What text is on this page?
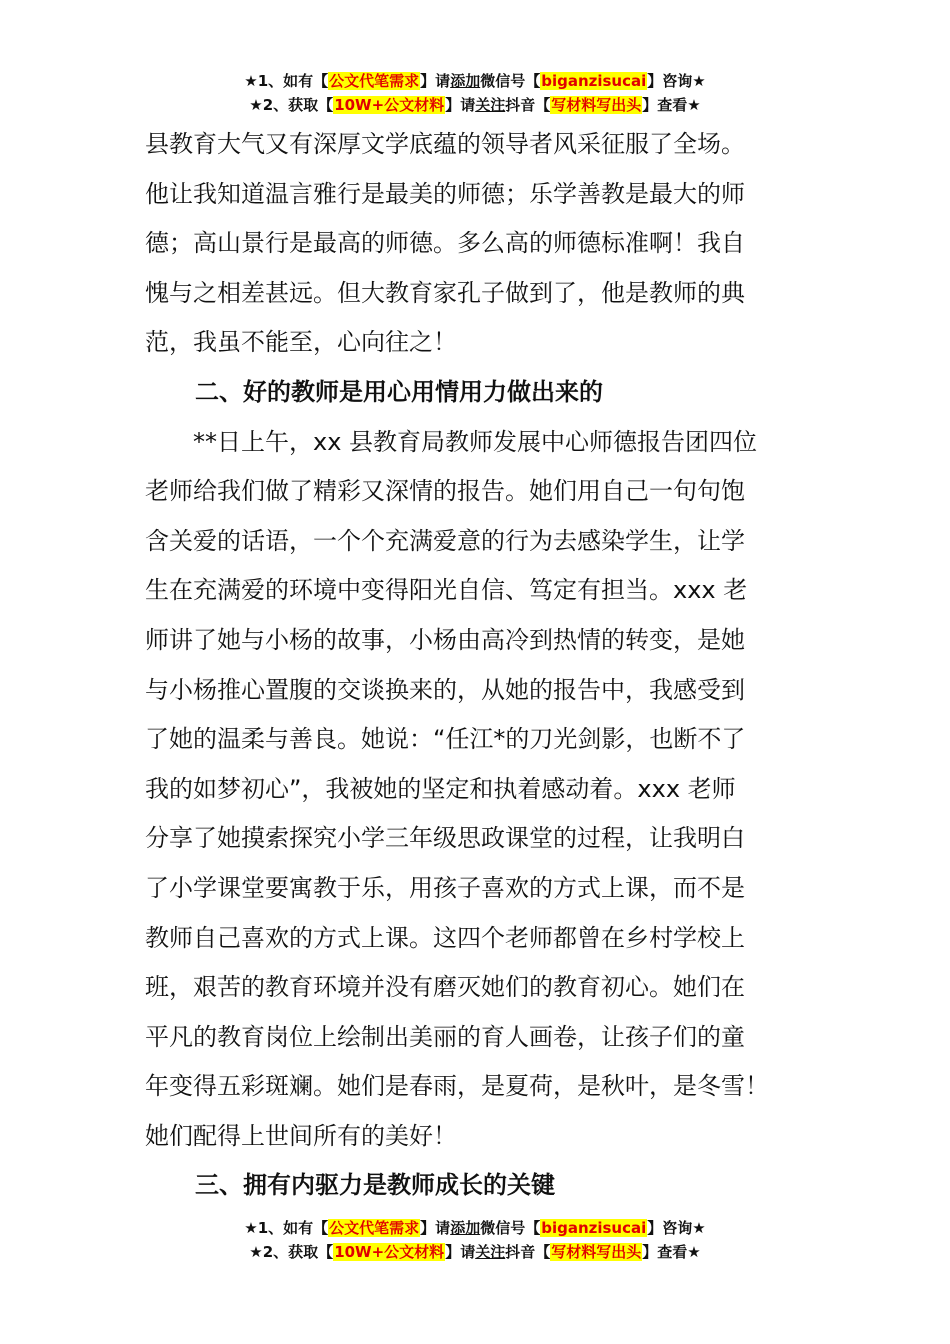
★1、如有【公文代笔需求】请添加微信号【biganzisucai】咨询★
★2、获取【10W+公文材料】请关注抖音【写材料写出头】查看★

县教育大气又有深厚文学底蕴的领导者风采征服了全场。

他让我知道温言雅行是最美的师德；乐学善教是最大的师

德；高山景行是最高的师德。多么高的师德标准啊！我自

愧与之相差甚远。但大教育家孔子做到了，他是教师的典

范，我虽不能至，心向往之！

二、好的教师是用心用情用力做出来的

　　**日上午，xx 县教育局教师发展中心师德报告团四位

老师给我们做了精彩又深情的报告。她们用自己一句句饱

含关爱的话语，一个个充满爱意的行为去感染学生，让学

生在充满爱的环境中变得阳光自信、笃定有担当。xxx 老

师讲了她与小杨的故事，小杨由高冷到热情的转变，是她

与小杨推心置腹的交谈换来的，从她的报告中，我感受到

了她的温柔与善良。她说：“任江*的刀光剑影，也断不了

我的如梦初心”，我被她的坚定和执着感动着。xxx 老师

分享了她摸索探究小学三年级思政课堂的过程，让我明白

了小学课堂要寓教于乐，用孩子喜欢的方式上课，而不是

教师自己喜欢的方式上课。这四个老师都曾在乡村学校上

班，艰苦的教育环境并没有磨灭她们的教育初心。她们在

平凡的教育岗位上绘制出美丽的育人画卷，让孩子们的童

年变得五彩斑斓。她们是春雨，是夏荷，是秋叶，是冬雪！

她们配得上世间所有的美好！

三、拥有内驱力是教师成长的关键

★1、如有【公文代笔需求】请添加微信号【biganzisucai】咨询★
★2、获取【10W+公文材料】请关注抖音【写材料写出头】查看★
